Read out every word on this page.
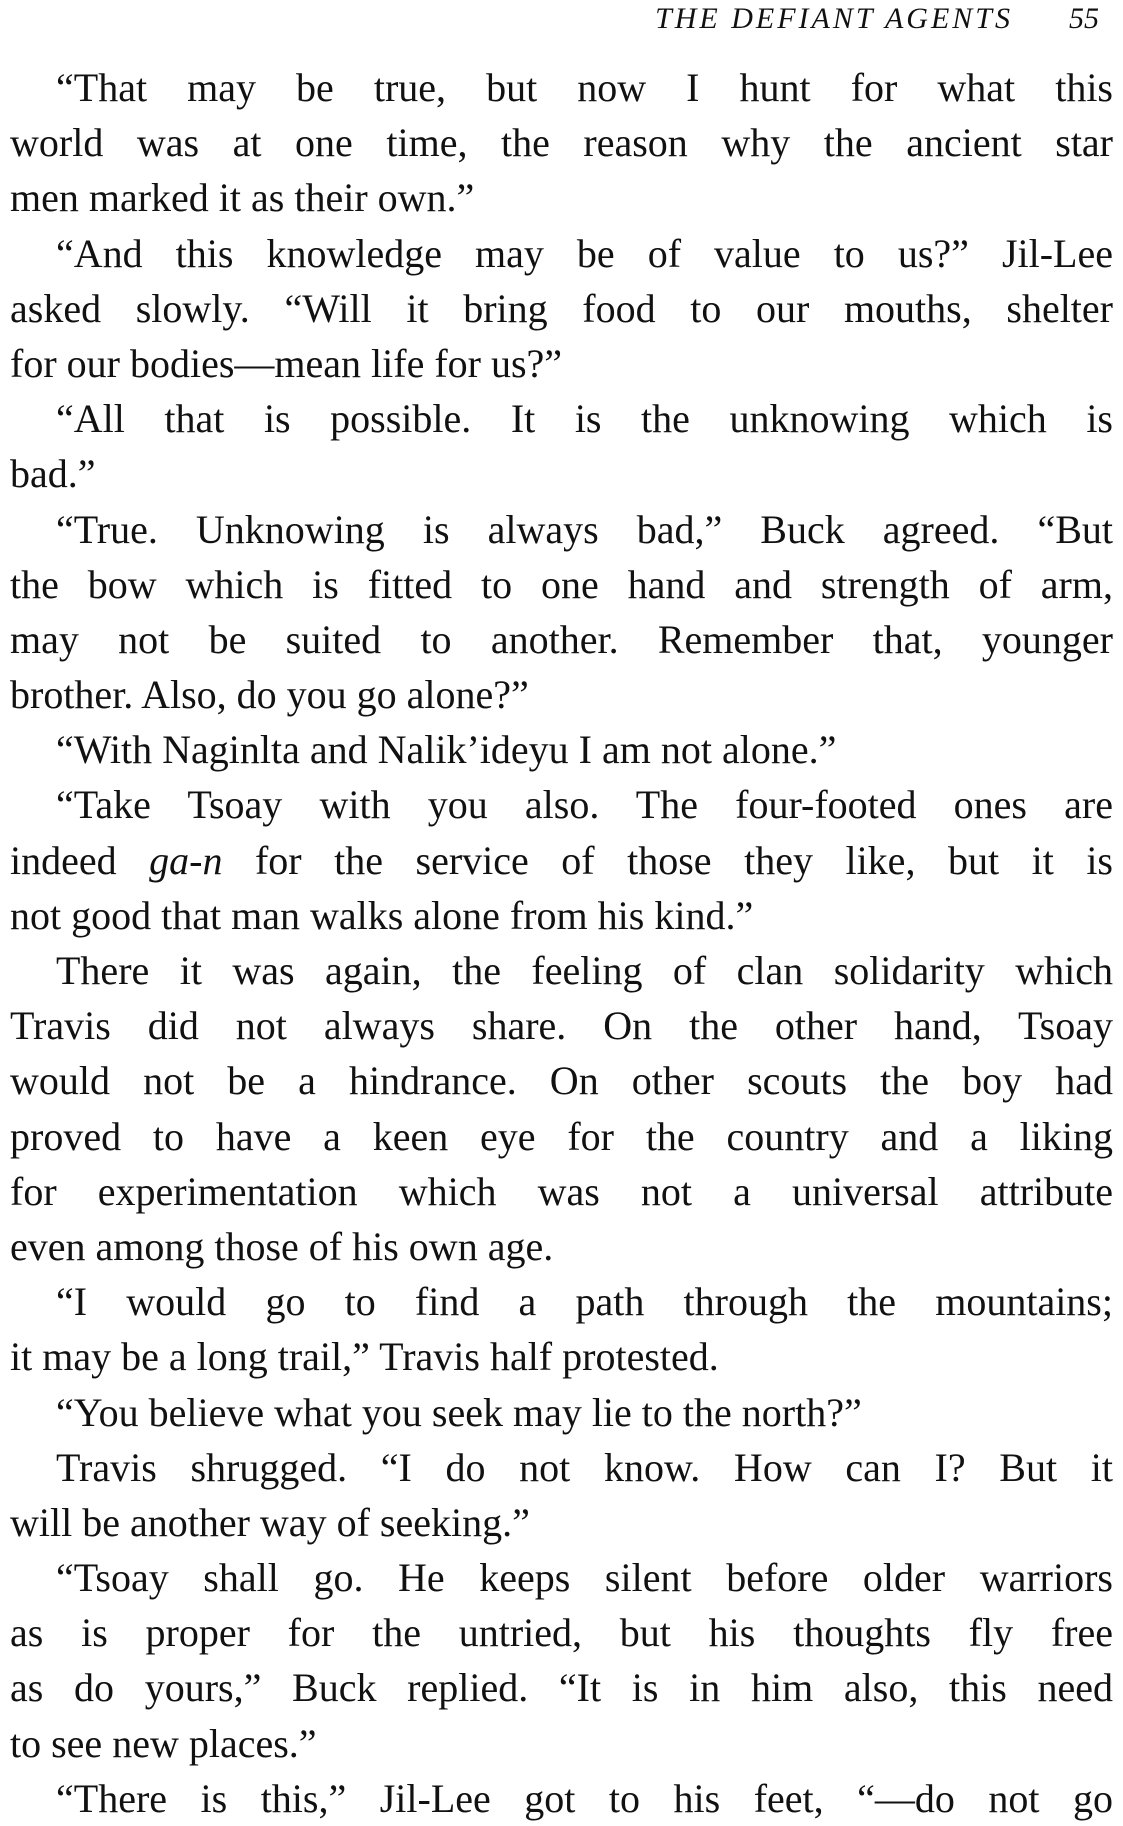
THE DEFIANT AGENTS 55
“That may be true, but now I hunt for what this
world was at one time, the reason why the ancient star
men marked it as their own.”
“And this knowledge may be of value to us?” Jil-Lee
asked slowly. “Will it bring food to our mouths, shelter
for our bodies—mean life for us?”
“All that is possible. It is the unknowing which is
bad.”
“True. Unknowing is always bad,” Buck agreed. “But
the bow which is fitted to one hand and strength of arm,
may not be suited to another. Remember that, younger
brother. Also, do you go alone?”
“With Naginlta and Nalik’ideyu I am not alone.”
“Take Tsoay with you also. The four-footed ones are
indeed ga-n for the service of those they like, but it is
not good that man walks alone from his kind.”
There it was again, the feeling of clan solidarity which
Travis did not always share. On the other hand, Tsoay
would not be a hindrance. On other scouts the boy had
proved to have a keen eye for the country and a liking
for experimentation which was not a universal attribute
even among those of his own age.
“I would go to find a path through the mountains;
it may be a long trail,” Travis half protested.
“You believe what you seek may lie to the north?”
Travis shrugged. “I do not know. How can I? But it
will be another way of seeking.”
“Tsoay shall go. He keeps silent before older warriors
as is proper for the untried, but his thoughts fly free
as do yours,” Buck replied. “It is in him also, this need
to see new places.”
“There is this,” Jil-Lee got to his feet, “—do not go
